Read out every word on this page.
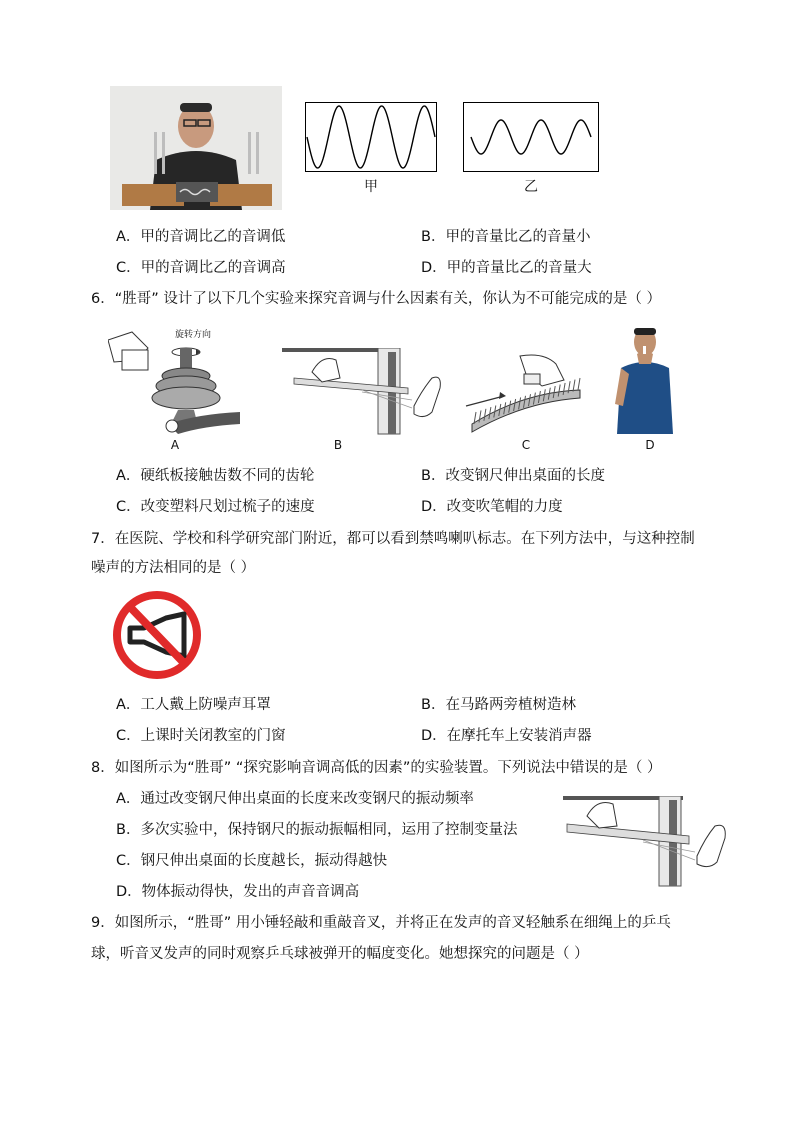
甲	乙
A．甲的音调比乙的音调低	B．甲的音量比乙的音量小
C．甲的音调比乙的音调高	D．甲的音量比乙的音量大
6．“胜哥” 设计了以下几个实验来探究音调与什么因素有关，你认为不可能完成的是（ ）
旋转方向
A	B	C	D
A．硬纸板接触齿数不同的齿轮	B．改变钢尺伸出桌面的长度
C．改变塑料尺划过梳子的速度	D．改变吹笔帽的力度
7．在医院、学校和科学研究部门附近，都可以看到禁鸣喇叭标志。在下列方法中，与这种控制
噪声的方法相同的是（ ）
A．工人戴上防噪声耳罩	B．在马路两旁植树造林
C．上课时关闭教室的门窗	D．在摩托车上安装消声器
8．如图所示为“胜哥” “探究影响音调高低的因素”的实验装置。下列说法中错误的是（ ）
A．通过改变钢尺伸出桌面的长度来改变钢尺的振动频率
B．多次实验中，保持钢尺的振动振幅相同，运用了控制变量法
C．钢尺伸出桌面的长度越长，振动得越快
D．物体振动得快，发出的声音音调高
9．如图所示，“胜哥” 用小锤轻敲和重敲音叉，并将正在发声的音叉轻触系在细绳上的乒乓
球，听音叉发声的同时观察乒乓球被弹开的幅度变化。她想探究的问题是（ ）
